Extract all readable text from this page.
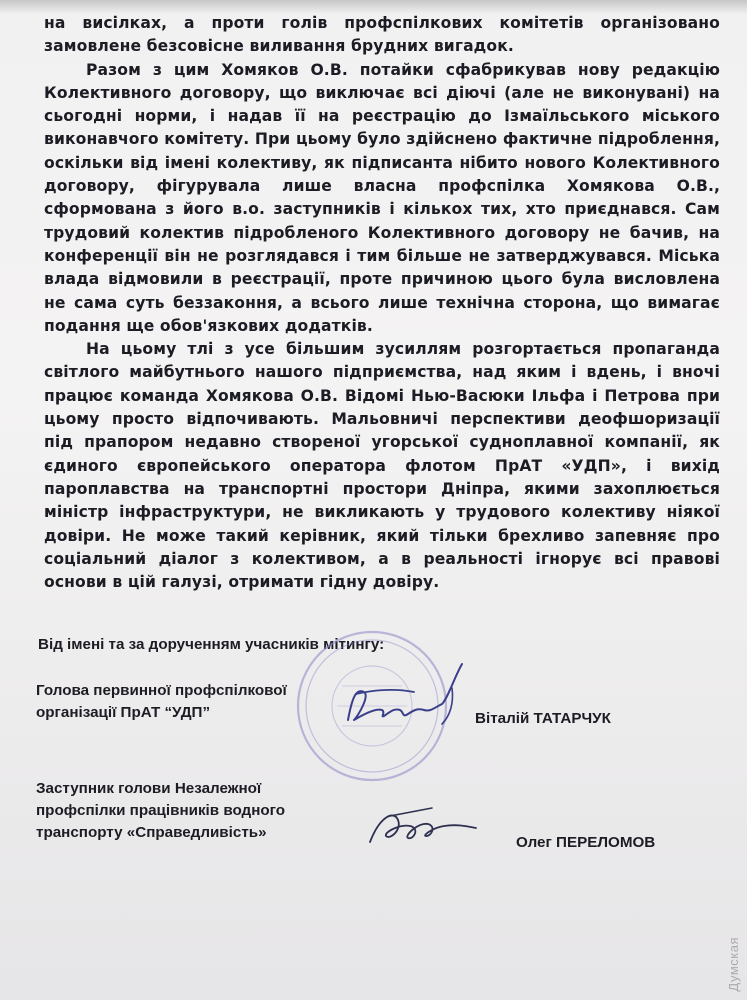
на висілках, а проти голів профспілкових комітетів організовано замовлене безсовісне виливання брудних вигадок.

Разом з цим Хомяков О.В. потайки сфабрикував нову редакцію Колективного договору, що виключає всі діючі (але не виконувані) на сьогодні норми, і надав її на реєстрацію до Ізмаїльського міського виконавчого комітету. При цьому було здійснено фактичне підроблення, оскільки від імені колективу, як підписанта нібито нового Колективного договору, фігурувала лише власна профспілка Хомякова О.В., сформована з його в.о. заступників і кількох тих, хто приєднався. Сам трудовий колектив підробленого Колективного договору не бачив, на конференції він не розглядався і тим більше не затверджувався. Міська влада відмовили в реєстрації, проте причиною цього була висловлена не сама суть беззаконня, а всього лише технічна сторона, що вимагає подання ще обов'язкових додатків.

На цьому тлі з усе більшим зусиллям розгортається пропаганда світлого майбутнього нашого підприємства, над яким і вдень, і вночі працює команда Хомякова О.В. Відомі Нью-Васюки Ільфа і Петрова при цьому просто відпочивають. Мальовничі перспективи деофшоризації під прапором недавно створеної угорської судноплавної компанії, як єдиного європейського оператора флотом ПрАТ «УДП», і вихід пароплавства на транспортні простори Дніпра, якими захоплюється міністр інфраструктури, не викликають у трудового колективу ніякої довіри. Не може такий керівник, який тільки брехливо запевняє про соціальний діалог з колективом, а в реальності ігнорує всі правові основи в цій галузі, отримати гідну довіру.

Від імені та за дорученням учасників мітингу:
Голова первинної профспілкової
організації ПрАТ “УДП”	Віталій ТАТАРЧУК
Заступник голови Незалежної
профспілки працівників водного
транспорту «Справедливість»
Олег ПЕРЕЛОМОВ
Думская
